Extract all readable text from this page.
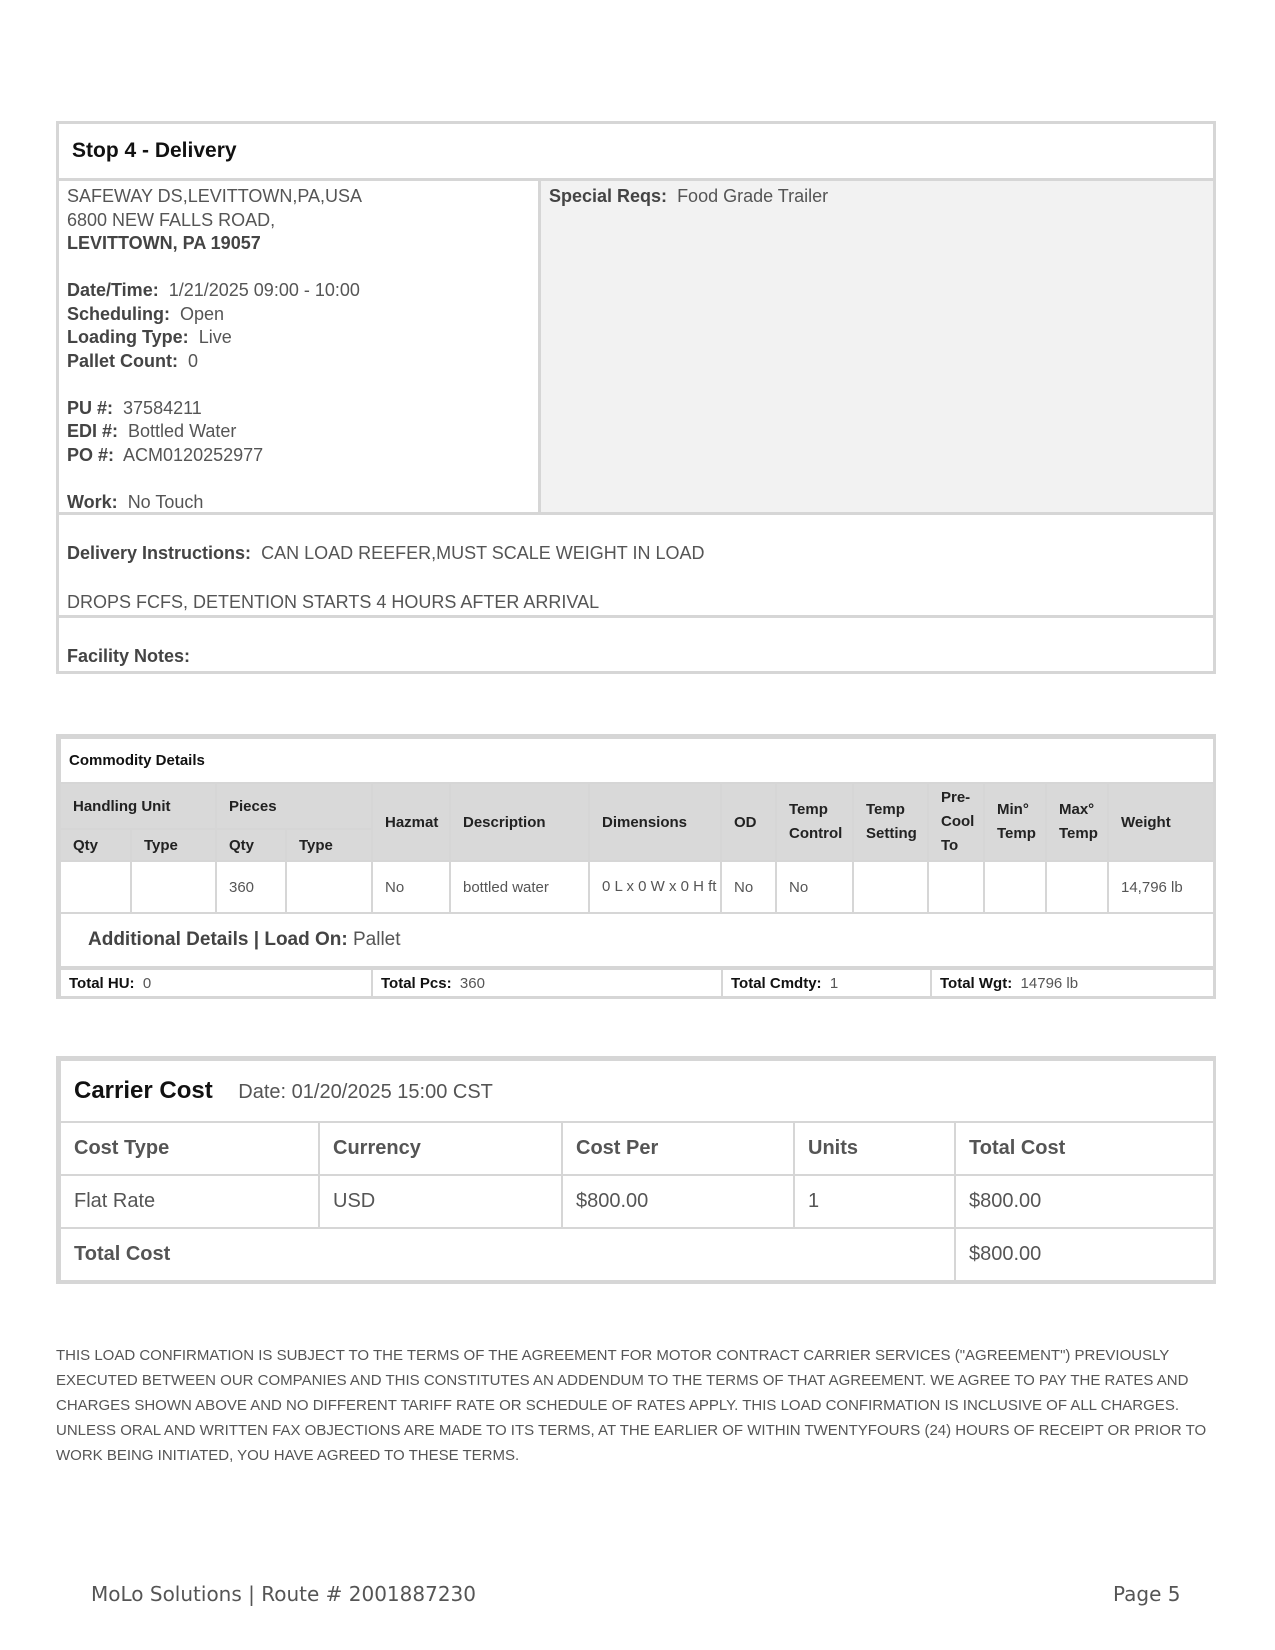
Stop 4 - Delivery
SAFEWAY DS,LEVITTOWN,PA,USA
6800 NEW FALLS ROAD,
LEVITTOWN, PA 19057
Date/Time: 1/21/2025 09:00 - 10:00
Scheduling: Open
Loading Type: Live
Pallet Count: 0
PU #: 37584211
EDI #: Bottled Water
PO #: ACM0120252977
Work: No Touch
Special Reqs: Food Grade Trailer
Delivery Instructions: CAN LOAD REEFER,MUST SCALE WEIGHT IN LOAD
DROPS FCFS, DETENTION STARTS 4 HOURS AFTER ARRIVAL
Facility Notes:
Commodity Details													
Handling Unit		Pieces		Hazmat	Description	Dimensions	OD	Temp Control	Temp Setting	Pre-Cool To	Min° Temp	Max° Temp	Weight
Qty	Type	Qty	Type										
		360		No	bottled water	0 L x 0 W x 0 H ft	No	No					14,796 lb
Additional Details | Load On: Pallet													
Total HU: 0	Total Pcs: 360	Total Cmdty: 1	Total Wgt: 14796 lb
Carrier Cost Date: 01/20/2025 15:00 CST				
Cost Type	Currency	Cost Per	Units	Total Cost
Flat Rate	USD	$800.00	1	$800.00
Total Cost				$800.00
THIS LOAD CONFIRMATION IS SUBJECT TO THE TERMS OF THE AGREEMENT FOR MOTOR CONTRACT CARRIER SERVICES ("AGREEMENT") PREVIOUSLY EXECUTED BETWEEN OUR COMPANIES AND THIS CONSTITUTES AN ADDENDUM TO THE TERMS OF THAT AGREEMENT. WE AGREE TO PAY THE RATES AND CHARGES SHOWN ABOVE AND NO DIFFERENT TARIFF RATE OR SCHEDULE OF RATES APPLY. THIS LOAD CONFIRMATION IS INCLUSIVE OF ALL CHARGES. UNLESS ORAL AND WRITTEN FAX OBJECTIONS ARE MADE TO ITS TERMS, AT THE EARLIER OF WITHIN TWENTYFOURS (24) HOURS OF RECEIPT OR PRIOR TO WORK BEING INITIATED, YOU HAVE AGREED TO THESE TERMS.
MoLo Solutions | Route # 2001887230	Page 5
